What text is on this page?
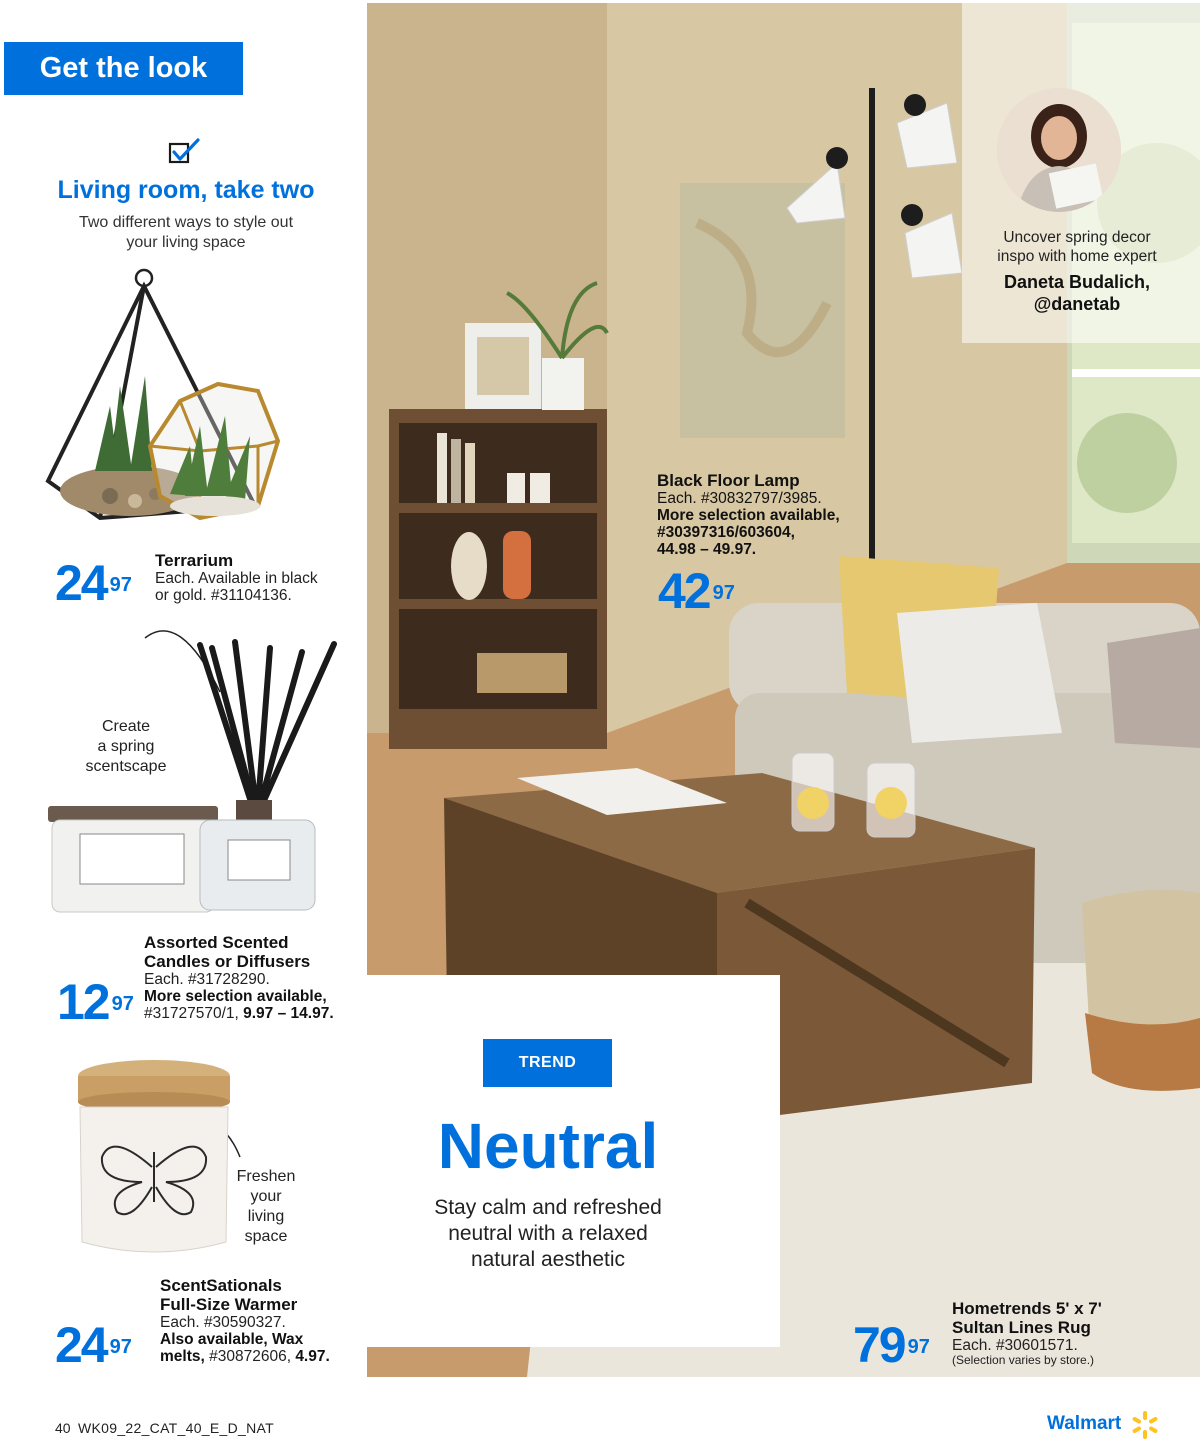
Get the look
Living room, take two
Two different ways to style out
your living space
24 $^{97}$
Terrarium
Each. Available in black
or gold. #31104136.
Create
a spring
scentscape
12 $^{97}$
Assorted Scented
Candles or Diffusers
Each. #31728290.
More selection available,
#31727570/1, 9.97 – 14.97.
Freshen
your
living
space
24 $^{97}$
ScentSationals
Full-Size Warmer
Each. #30590327.
Also available, Wax
melts, #30872606, 4.97.
Uncover spring decor
inspo with home expert
Daneta Budalich,
@danetab
Black Floor Lamp
Each. #30832797/3985.
More selection available,
#30397316/603604,
44.98 – 49.97.
42 $^{97}$
TREND
Neutral
Stay calm and refreshed
neutral with a relaxed
natural aesthetic
79 $^{97}$
Hometrends 5' x 7'
Sultan Lines Rug
Each. #30601571.
(Selection varies by store.)
40 WK09_22_CAT_40_E_D_NAT	Walmart
